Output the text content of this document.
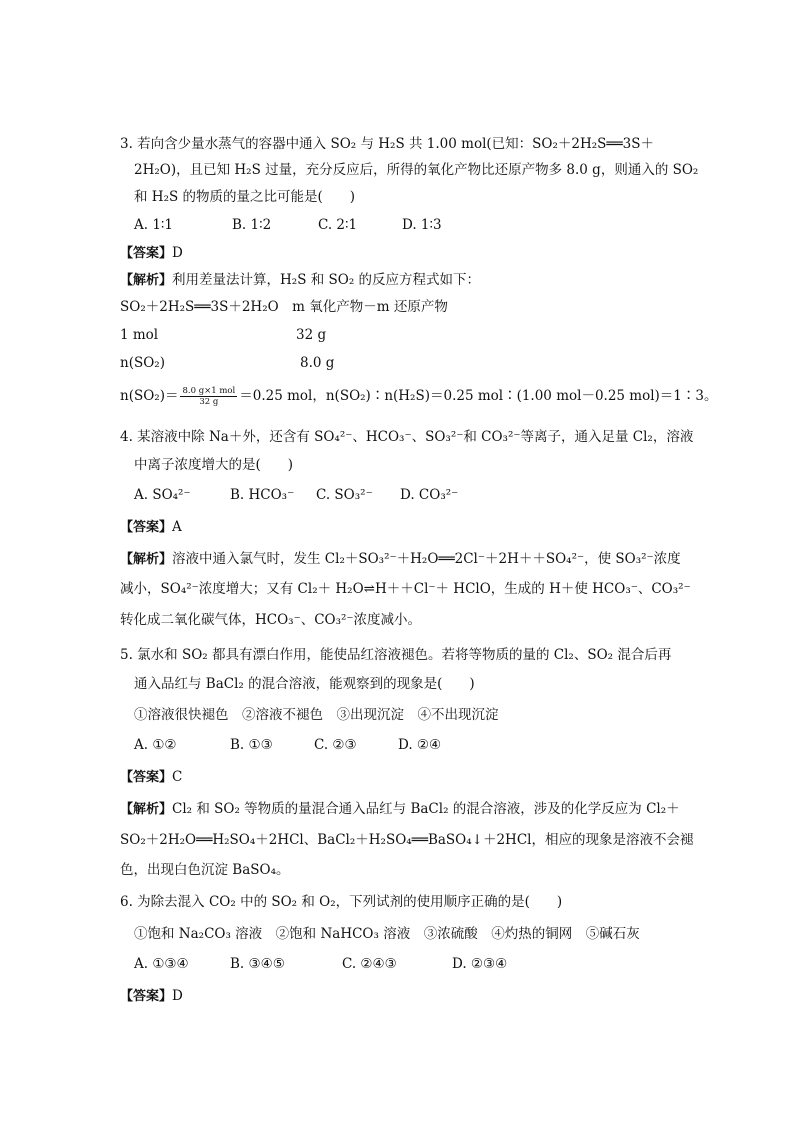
3. 若向含少量水蒸气的容器中通入 SO₂ 与 H₂S 共 1.00 mol(已知：SO₂＋2H₂S══3S＋
2H₂O)，且已知 H₂S 过量，充分反应后，所得的氧化产物比还原产物多 8.0 g，则通入的 SO₂
和 H₂S 的物质的量之比可能是(　　)
A. 1∶1	B. 1∶2	C. 2∶1	D. 1∶3
【答案】D
【解析】利用差量法计算，H₂S 和 SO₂ 的反应方程式如下：
SO₂＋2H₂S══3S＋2H₂O　m 氧化产物－m 还原产物
1 mol	32 g
n(SO₂)	8.0 g
$n(SO_2)= \frac{\text{8.0 g×1 mol}}{32 g} =0.25$ mol，n(SO₂)∶n(H₂S)＝0.25 mol∶(1.00 mol－0.25 mol)＝1∶3。
4. 某溶液中除 Na＋外，还含有 SO₄²⁻、HCO₃⁻、SO₃²⁻和 CO₃²⁻等离子，通入足量 Cl₂，溶液
中离子浓度增大的是(　　)
A. SO₄²⁻	B. HCO₃⁻ C. SO₃²⁻ D. CO₃²⁻
【答案】A
【解析】溶液中通入氯气时，发生 Cl₂＋SO₃²⁻＋H₂O══2Cl⁻＋2H＋＋SO₄²⁻，使 SO₃²⁻浓度
减小，SO₄²⁻浓度增大；又有 Cl₂＋ H₂O⇌H＋＋Cl⁻＋ HClO，生成的 H＋使 HCO₃⁻、CO₃²⁻
转化成二氧化碳气体，HCO₃⁻、CO₃²⁻浓度减小。
5. 氯水和 SO₂ 都具有漂白作用，能使品红溶液褪色。若将等物质的量的 Cl₂、SO₂ 混合后再
通入品红与 BaCl₂ 的混合溶液，能观察到的现象是(　　)
①溶液很快褪色　②溶液不褪色　③出现沉淀　④不出现沉淀
A. ①②	B. ①③	C. ②③	D. ②④
【答案】C
【解析】Cl₂ 和 SO₂ 等物质的量混合通入品红与 BaCl₂ 的混合溶液，涉及的化学反应为 Cl₂＋
SO₂＋2H₂O══H₂SO₄＋2HCl、BaCl₂＋H₂SO₄══BaSO₄↓＋2HCl，相应的现象是溶液不会褪
色，出现白色沉淀 BaSO₄。
6. 为除去混入 CO₂ 中的 SO₂ 和 O₂，下列试剂的使用顺序正确的是(　　)
①饱和 Na₂CO₃ 溶液　②饱和 NaHCO₃ 溶液　③浓硫酸　④灼热的铜网　⑤碱石灰
A. ①③④	B. ③④⑤	C. ②④③	D. ②③④
【答案】D
